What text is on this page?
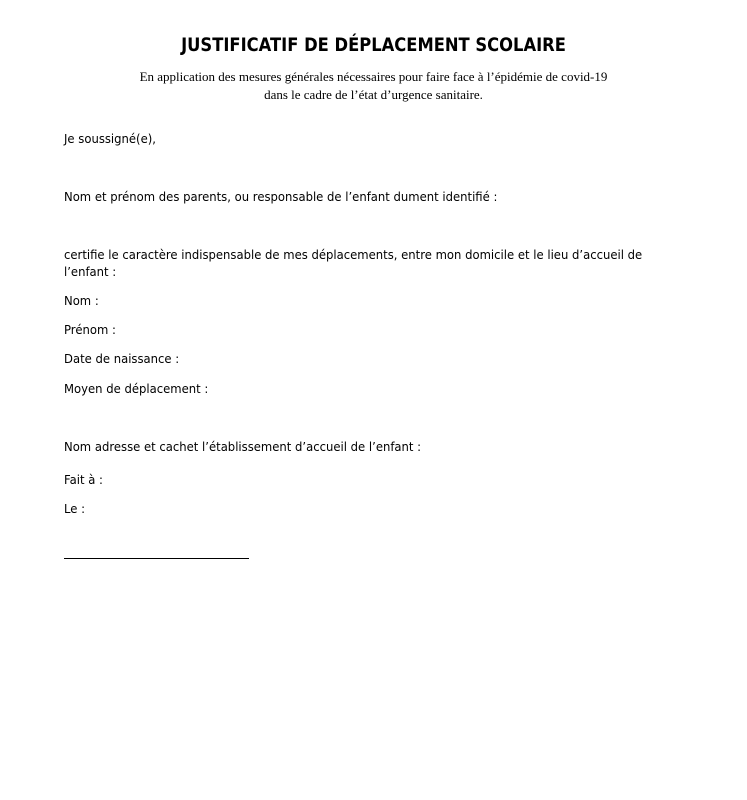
JUSTIFICATIF DE DÉPLACEMENT SCOLAIRE
En application des mesures générales nécessaires pour faire face à l’épidémie de covid-19
dans le cadre de l’état d’urgence sanitaire.
Je soussigné(e),
Nom et prénom des parents, ou responsable de l’enfant dument identifié :
certifie le caractère indispensable de mes déplacements, entre mon domicile et le lieu d’accueil de
l’enfant :
Nom :
Prénom :
Date de naissance :
Moyen de déplacement :
Nom adresse et cachet l’établissement d’accueil de l’enfant :
Fait à :
Le :
